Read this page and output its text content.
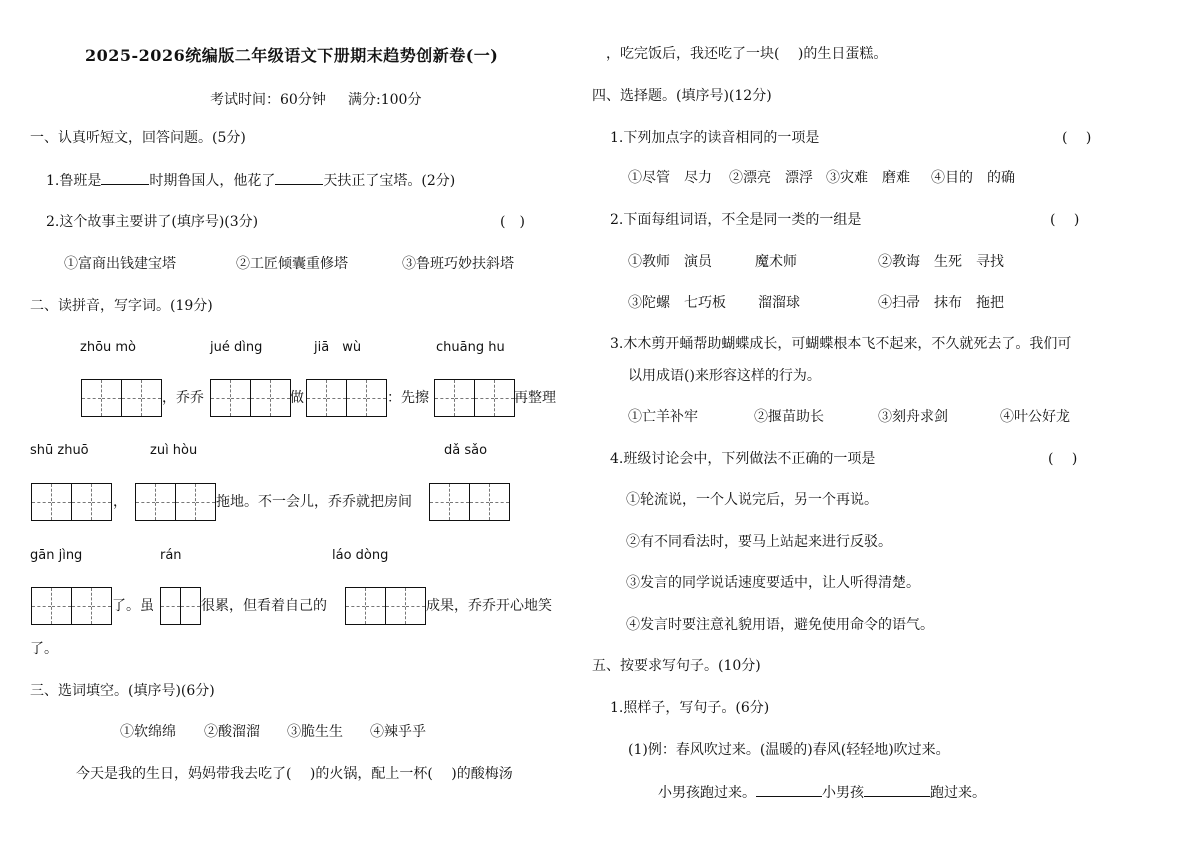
2025-2026统编版二年级语文下册期末趋势创新卷(一)
考试时间：60分钟 满分:100分
一、认真听短文，回答问题。(5分)
1.鲁班是	时期鲁国人，他花了	天扶正了宝塔。(2分)
2.这个故事主要讲了(填序号)(3分)	(　)
①富商出钱建宝塔	②工匠倾囊重修塔	③鲁班巧妙扶斜塔
二、读拼音，写字词。(19分)
zhōu mò	jué dìng	jiā　wù	chuāng hu
，乔乔	做	：先擦	再整理
shū zhuō	zuì hòu	dǎ sǎo
，	拖地。不一会儿，乔乔就把房间
gān jìng	rán	láo dòng
了。虽	很累，但看着自己的	成果，乔乔开心地笑
了。
三、选词填空。(填序号)(6分)
①软绵绵 ②酸溜溜 ③脆生生 ④辣乎乎
今天是我的生日，妈妈带我去吃了(　 )的火锅，配上一杯(　 )的酸梅汤
，吃完饭后，我还吃了一块(　 )的生日蛋糕。
四、选择题。(填序号)(12分)
1.下列加点字的读音相同的一项是	(　 )
①尽管　尽力 ②漂亮　漂浮 ③灾难　磨难 ④目的　的确
2.下面每组词语，不全是同一类的一组是	(　 )
①教师　演员	魔术师	②教诲　生死　寻找
③陀螺　七巧板 溜溜球	④扫帚　抹布　拖把
3.木木剪开蛹帮助蝴蝶成长，可蝴蝶根本飞不起来，不久就死去了。我们可
以用成语()来形容这样的行为。
①亡羊补牢	②揠苗助长	③刻舟求剑	④叶公好龙
4.班级讨论会中，下列做法不正确的一项是	(　 )
①轮流说，一个人说完后，另一个再说。
②有不同看法时，要马上站起来进行反驳。
③发言的同学说话速度要适中，让人听得清楚。
④发言时要注意礼貌用语，避免使用命令的语气。
五、按要求写句子。(10分)
1.照样子，写句子。(6分)
(1)例：春风吹过来。(温暖的)春风(轻轻地)吹过来。
小男孩跑过来。	小男孩	跑过来。
